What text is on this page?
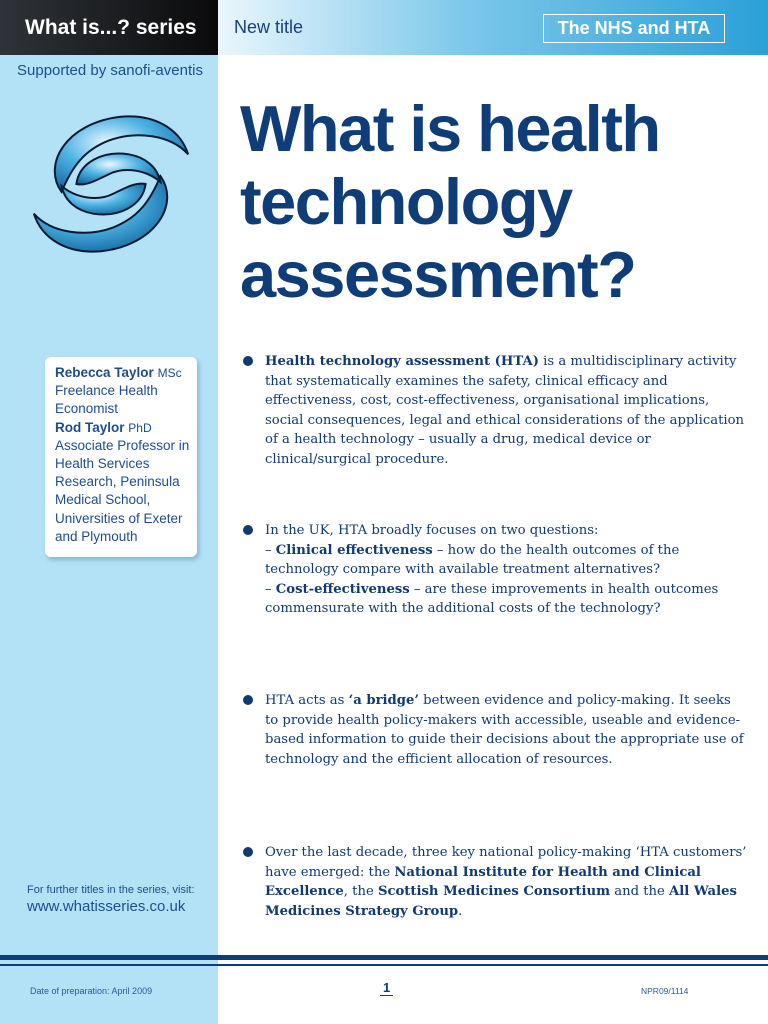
What is...? series	New title	The NHS and HTA
Supported by sanofi-aventis
What is health
technology
assessment?
Rebecca Taylor MSc
Freelance Health
Economist
Rod Taylor PhD
Associate Professor in
Health Services
Research, Peninsula
Medical School,
Universities of Exeter
and Plymouth
Health technology assessment (HTA) is a multidisciplinary activity that systematically examines the safety, clinical efficacy and effectiveness, cost, cost-effectiveness, organisational implications, social consequences, legal and ethical considerations of the application of a health technology – usually a drug, medical device or clinical/surgical procedure.
In the UK, HTA broadly focuses on two questions:
– Clinical effectiveness – how do the health outcomes of the technology compare with available treatment alternatives?
– Cost-effectiveness – are these improvements in health outcomes commensurate with the additional costs of the technology?
HTA acts as ‘a bridge’ between evidence and policy-making. It seeks to provide health policy-makers with accessible, useable and evidence-based information to guide their decisions about the appropriate use of technology and the efficient allocation of resources.
Over the last decade, three key national policy-making ‘HTA customers’ have emerged: the National Institute for Health and Clinical Excellence, the Scottish Medicines Consortium and the All Wales Medicines Strategy Group.
For further titles in the series, visit:
www.whatisseries.co.uk
Date of preparation: April 2009	1	NPR09/1114
